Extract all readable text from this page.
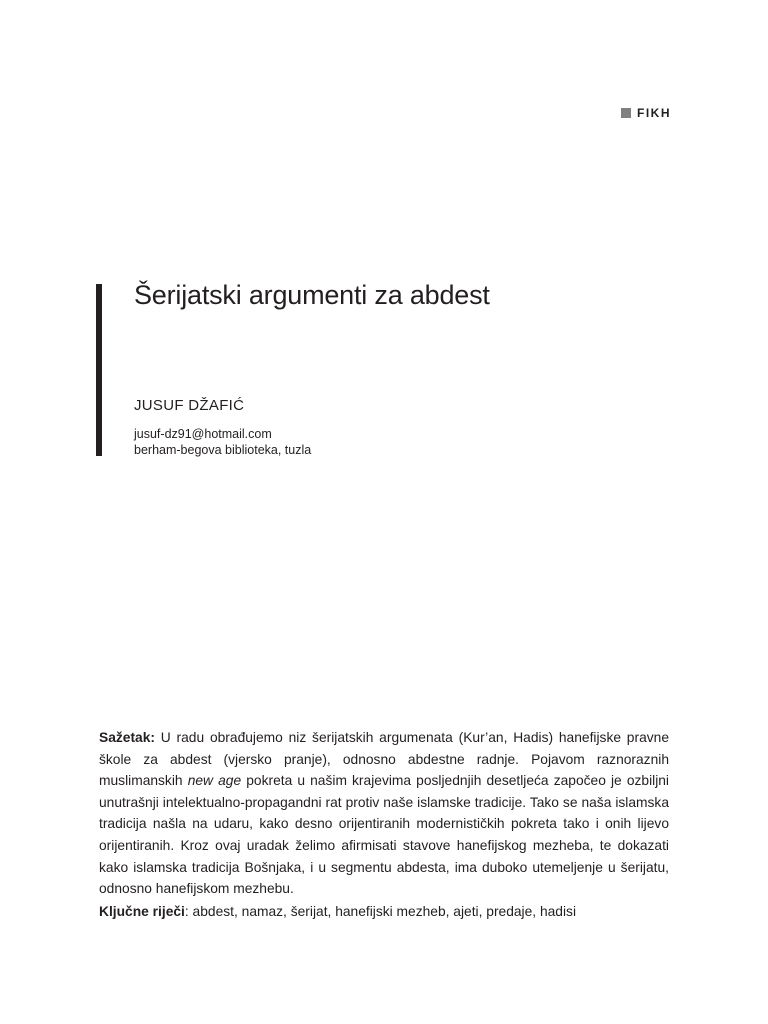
FIKH
Šerijatski argumenti za abdest

JUSUF DŽAFIĆ

jusuf-dz91@hotmail.com
berham-begova biblioteka, tuzla

Sažetak: U radu obrađujemo niz šerijatskih argumenata (Kur’an, Hadis) hanefijske pravne škole za abdest (vjersko pranje), odnosno abdestne radnje. Pojavom raznoraznih muslimanskih new age pokreta u našim krajevima posljednjih desetljeća započeo je ozbiljni unutrašnji intelektualno-propagandni rat protiv naše islamske tradicije. Tako se naša islamska tradicija našla na udaru, kako desno orijentiranih modernističkih pokreta tako i onih lijevo orijentiranih. Kroz ovaj uradak želimo afirmisati stavove hanefijskog mezheba, te dokazati kako islamska tradicija Bošnjaka, i u segmentu abdesta, ima duboko utemeljenje u šerijatu, odnosno hanefijskom mezhebu.

Ključne riječi: abdest, namaz, šerijat, hanefijski mezheb, ajeti, predaje, hadisi
